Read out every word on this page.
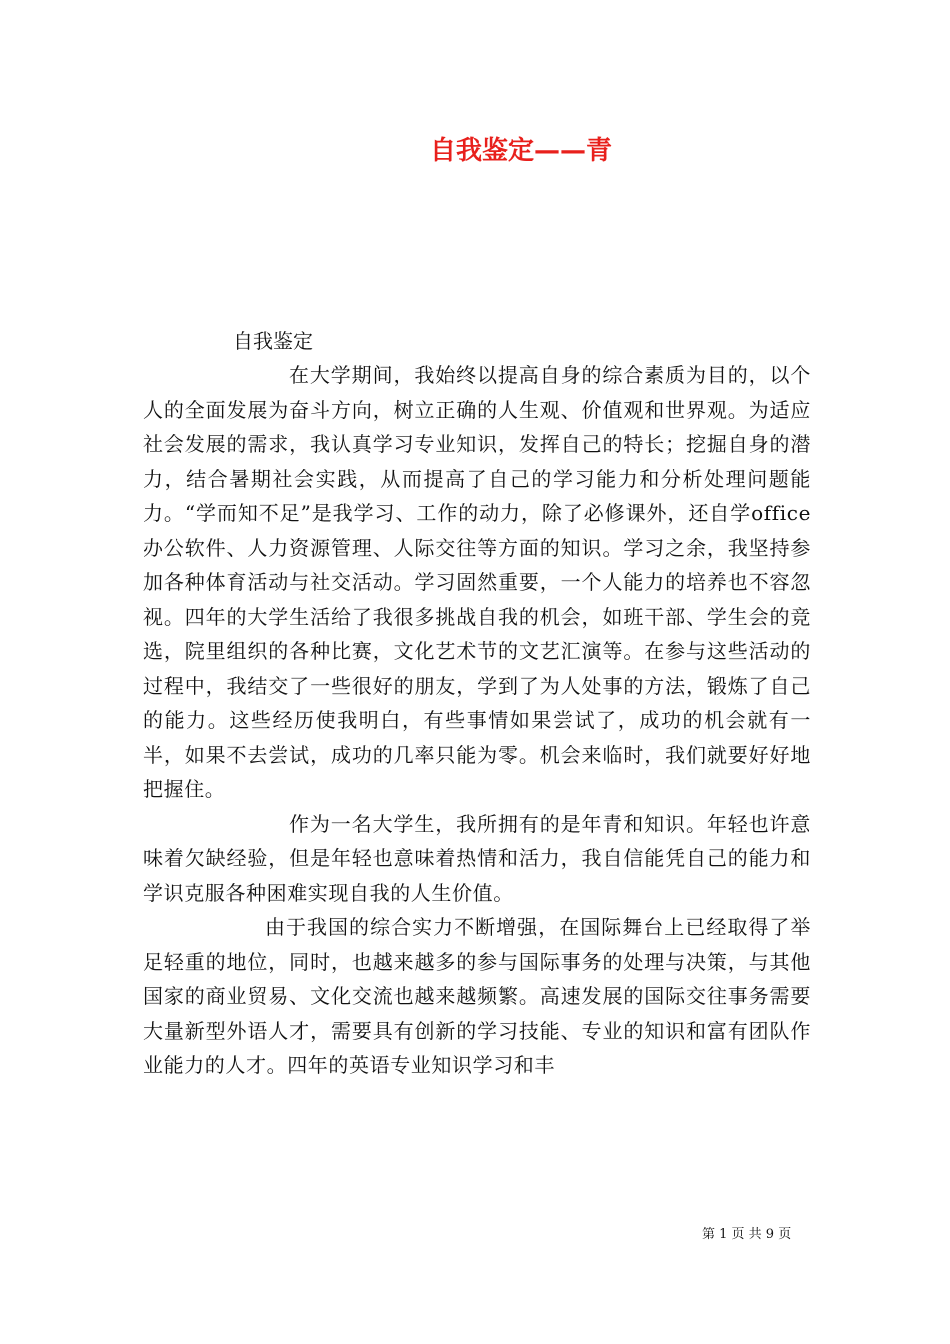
自我鉴定——青

自我鉴定

在大学期间，我始终以提高自身的综合素质为目的，以个人的全面发展为奋斗方向，树立正确的人生观、价值观和世界观。为适应社会发展的需求，我认真学习专业知识，发挥自己的特长；挖掘自身的潜力，结合暑期社会实践，从而提高了自己的学习能力和分析处理问题能力。“学而知不足”是我学习、工作的动力，除了必修课外，还自学office办公软件、人力资源管理、人际交往等方面的知识。学习之余，我坚持参加各种体育活动与社交活动。学习固然重要，一个人能力的培养也不容忽视。四年的大学生活给了我很多挑战自我的机会，如班干部、学生会的竞选，院里组织的各种比赛，文化艺术节的文艺汇演等。在参与这些活动的过程中，我结交了一些很好的朋友，学到了为人处事的方法，锻炼了自己的能力。这些经历使我明白，有些事情如果尝试了，成功的机会就有一半，如果不去尝试，成功的几率只能为零。机会来临时，我们就要好好地把握住。

作为一名大学生，我所拥有的是年青和知识。年轻也许意味着欠缺经验，但是年轻也意味着热情和活力，我自信能凭自己的能力和学识克服各种困难实现自我的人生价值。

由于我国的综合实力不断增强，在国际舞台上已经取得了举足轻重的地位，同时，也越来越多的参与国际事务的处理与决策，与其他国家的商业贸易、文化交流也越来越频繁。高速发展的国际交往事务需要大量新型外语人才，需要具有创新的学习技能、专业的知识和富有团队作业能力的人才。四年的英语专业知识学习和丰

第 1 页 共 9 页
